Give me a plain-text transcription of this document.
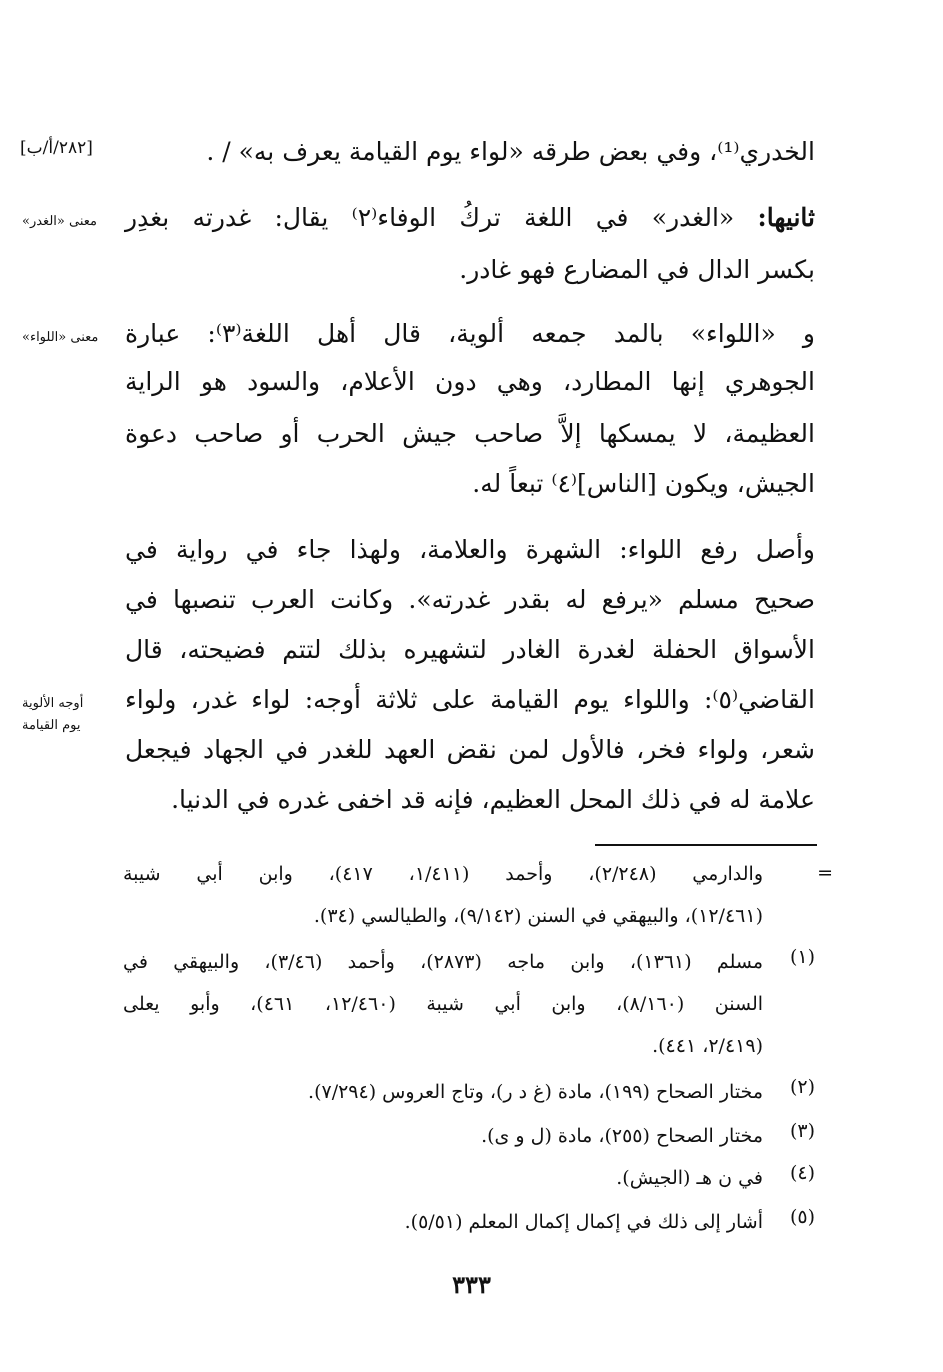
[٢٨٢/أ/ب]	الخدري⁽¹⁾، وفي بعض طرقه «لواء يوم القيامة يعرف به» / .
ثانيها: «الغدر» في اللغة تركُ الوفاء⁽٢⁾ يقال: غدرته بغدِر
بكسر الدال في المضارع فهو غادر.
و «اللواء» بالمد جمعه ألوية، قال أهل اللغة⁽٣⁾: عبارة
الجوهري إنها المطارد، وهي دون الأعلام، والسود هو الراية
العظيمة، لا يمسكها إلاَّ صاحب جيش الحرب أو صاحب دعوة
الجيش، ويكون [الناس]⁽٤⁾ تبعاً له.
وأصل رفع اللواء: الشهرة والعلامة، ولهذا جاء في رواية في
صحيح مسلم «يرفع له بقدر غدرته». وكانت العرب تنصبها في
الأسواق الحفلة لغدرة الغادر لتشهيره بذلك لتتم فضيحته، قال
القاضي⁽٥⁾: واللواء يوم القيامة على ثلاثة أوجه: لواء غدر، ولواء
شعر، ولواء فخر، فالأول لمن نقض العهد للغدر في الجهاد فيجعل
علامة له في ذلك المحل العظيم، فإنه قد اخفى غدره في الدنيا.
معنى «الغدر»
معنى «اللواء»
أوجه الألوية
يوم القيامة
=
والدارمي (٢/٢٤٨)، وأحمد (١/٤١١، ٤١٧)، وابن أبي شيبة
(١٢/٤٦١)، والبيهقي في السنن (٩/١٤٢)، والطيالسي (٣٤).
(١)
مسلم (١٣٦١)، وابن ماجه (٢٨٧٣)، وأحمد (٣/٤٦)، والبيهقي في
السنن (٨/١٦٠)، وابن أبي شيبة (١٢/٤٦٠، ٤٦١)، وأبو يعلى
(٢/٤١٩، ٤٤١).
(٢)
مختار الصحاح (١٩٩)، مادة (غ د ر)، وتاج العروس (٧/٢٩٤).
(٣)
مختار الصحاح (٢٥٥)، مادة (ل و ى).
(٤)
في ن هـ (الجيش).
(٥)
أشار إلى ذلك في إكمال إكمال المعلم (٥/٥١).
٣٣٣
